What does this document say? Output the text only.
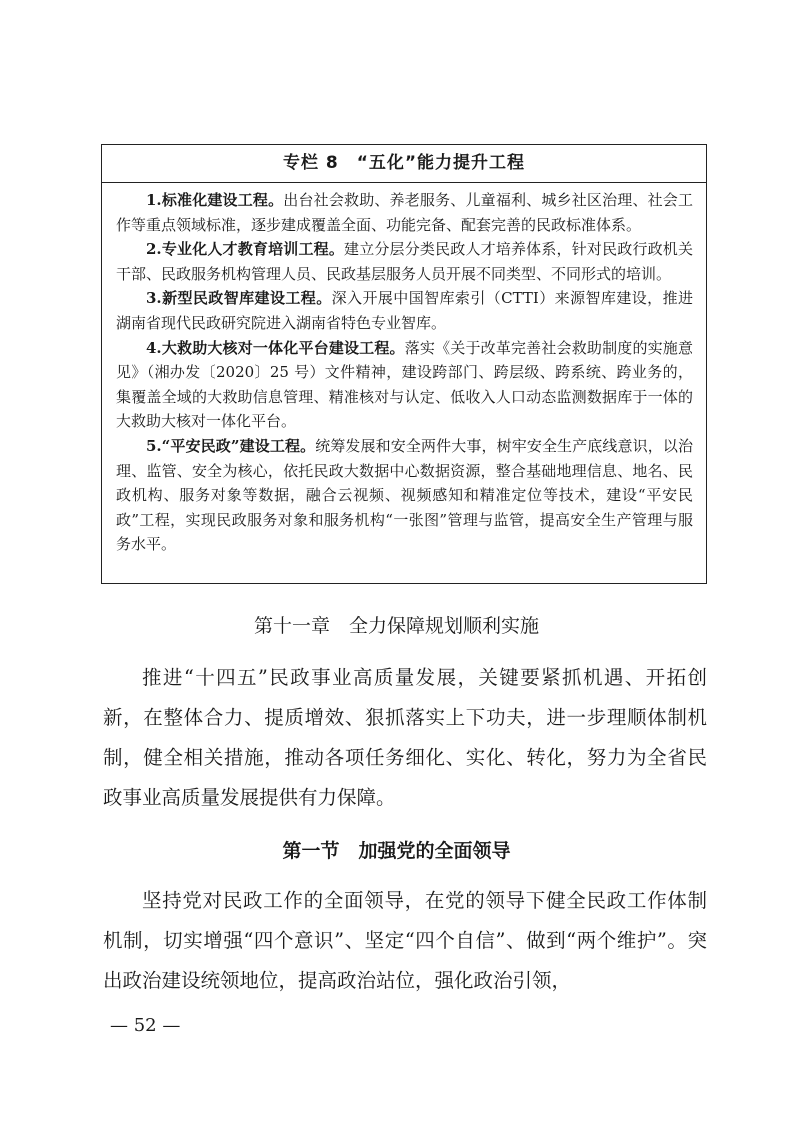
专栏 8　“五化”能力提升工程

1.标准化建设工程。出台社会救助、养老服务、儿童福利、城乡社区治理、社会工作等重点领域标准，逐步建成覆盖全面、功能完备、配套完善的民政标准体系。

2.专业化人才教育培训工程。建立分层分类民政人才培养体系，针对民政行政机关干部、民政服务机构管理人员、民政基层服务人员开展不同类型、不同形式的培训。

3.新型民政智库建设工程。深入开展中国智库索引（CTTI）来源智库建设，推进湖南省现代民政研究院进入湖南省特色专业智库。

4.大救助大核对一体化平台建设工程。落实《关于改革完善社会救助制度的实施意见》（湘办发〔2020〕25 号）文件精神，建设跨部门、跨层级、跨系统、跨业务的，集覆盖全域的大救助信息管理、精准核对与认定、低收入人口动态监测数据库于一体的大救助大核对一体化平台。

5.“平安民政”建设工程。统筹发展和安全两件大事，树牢安全生产底线意识，以治理、监管、安全为核心，依托民政大数据中心数据资源，整合基础地理信息、地名、民政机构、服务对象等数据，融合云视频、视频感知和精准定位等技术，建设“平安民政”工程，实现民政服务对象和服务机构“一张图”管理与监管，提高安全生产管理与服务水平。

第十一章　全力保障规划顺利实施

推进“十四五”民政事业高质量发展，关键要紧抓机遇、开拓创新，在整体合力、提质增效、狠抓落实上下功夫，进一步理顺体制机制，健全相关措施，推动各项任务细化、实化、转化，努力为全省民政事业高质量发展提供有力保障。

第一节　加强党的全面领导

坚持党对民政工作的全面领导，在党的领导下健全民政工作体制机制，切实增强“四个意识”、坚定“四个自信”、做到“两个维护”。突出政治建设统领地位，提高政治站位，强化政治引领，

— 52 —
